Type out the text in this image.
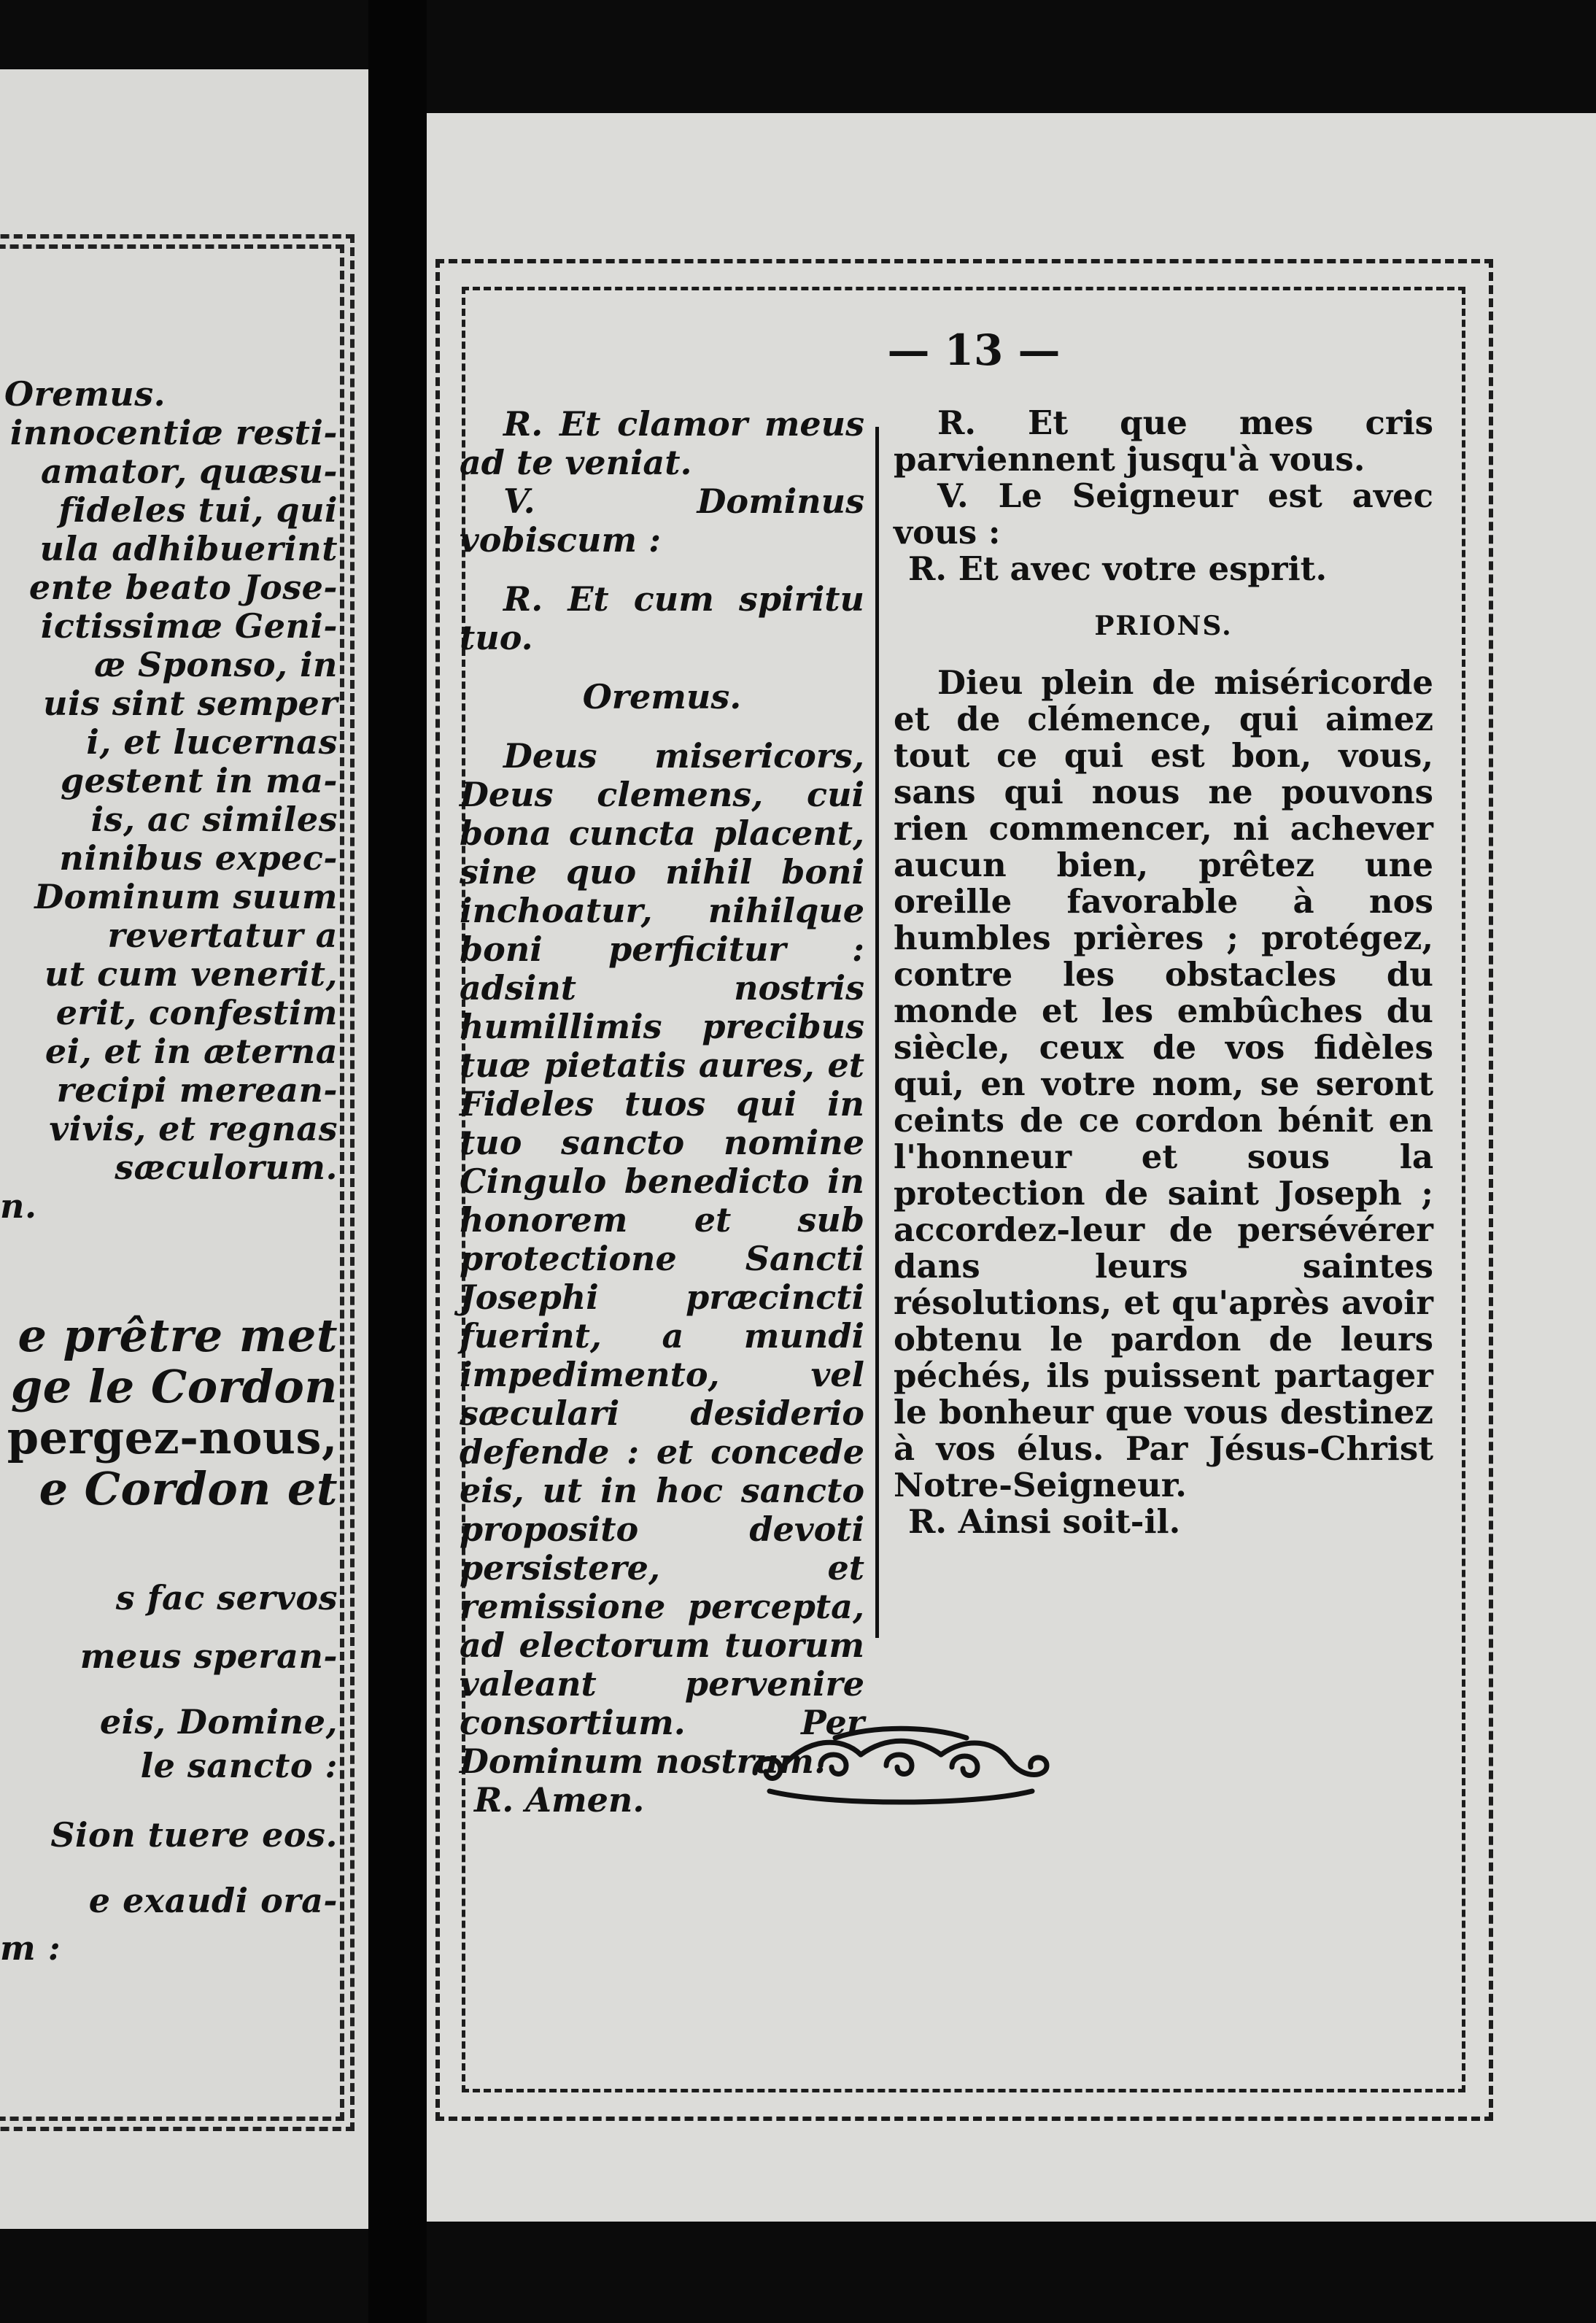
Oremus.
innocentiæ resti-
amator, quæsu-
fideles tui, qui
ula adhibuerint
ente beato Jose-
ictissimæ Geni-
æ Sponso, in
uis sint semper
i, et lucernas
gestent in ma-
is, ac similes
ninibus expec-
Dominum suum
revertatur a
ut cum venerit,
erit, confestim
ei, et in æterna
recipi merean-
vivis, et regnas
sæculorum.
n.
e prêtre met
ge le Cordon
pergez-nous,
e Cordon et
s fac servos
meus speran-
eis, Domine,
le sancto :
Sion tuere eos.
e exaudi ora-
m :
— 13 —

R. Et clamor meus ad te veniat.

V. Dominus vobiscum :

R. Et cum spiritu tuo.

Oremus.

Deus misericors, Deus clemens, cui bona cuncta placent, sine quo nihil boni inchoatur, nihilque boni perficitur : adsint nostris humillimis precibus tuæ pietatis aures, et Fideles tuos qui in tuo sancto nomine Cingulo benedicto in honorem et sub protectione Sancti Josephi præcincti fuerint, a mundi impedimento, vel sæculari desiderio defende : et concede eis, ut in hoc sancto proposito devoti persistere, et remissione percepta, ad electorum tuorum valeant pervenire consortium. Per Dominum nostrum.

R. Amen.

R. Et que mes cris parviennent jusqu'à vous.

V. Le Seigneur est avec vous :

R. Et avec votre esprit.

PRIONS.

Dieu plein de miséricorde et de clémence, qui aimez tout ce qui est bon, vous, sans qui nous ne pouvons rien commencer, ni achever aucun bien, prêtez une oreille favorable à nos humbles prières ; protégez, contre les obstacles du monde et les embûches du siècle, ceux de vos fidèles qui, en votre nom, se seront ceints de ce cordon bénit en l'honneur et sous la protection de saint Joseph ; accordez-leur de persévérer dans leurs saintes résolutions, et qu'après avoir obtenu le pardon de leurs péchés, ils puissent partager le bonheur que vous destinez à vos élus. Par Jésus-Christ Notre-Seigneur.

R. Ainsi soit-il.
